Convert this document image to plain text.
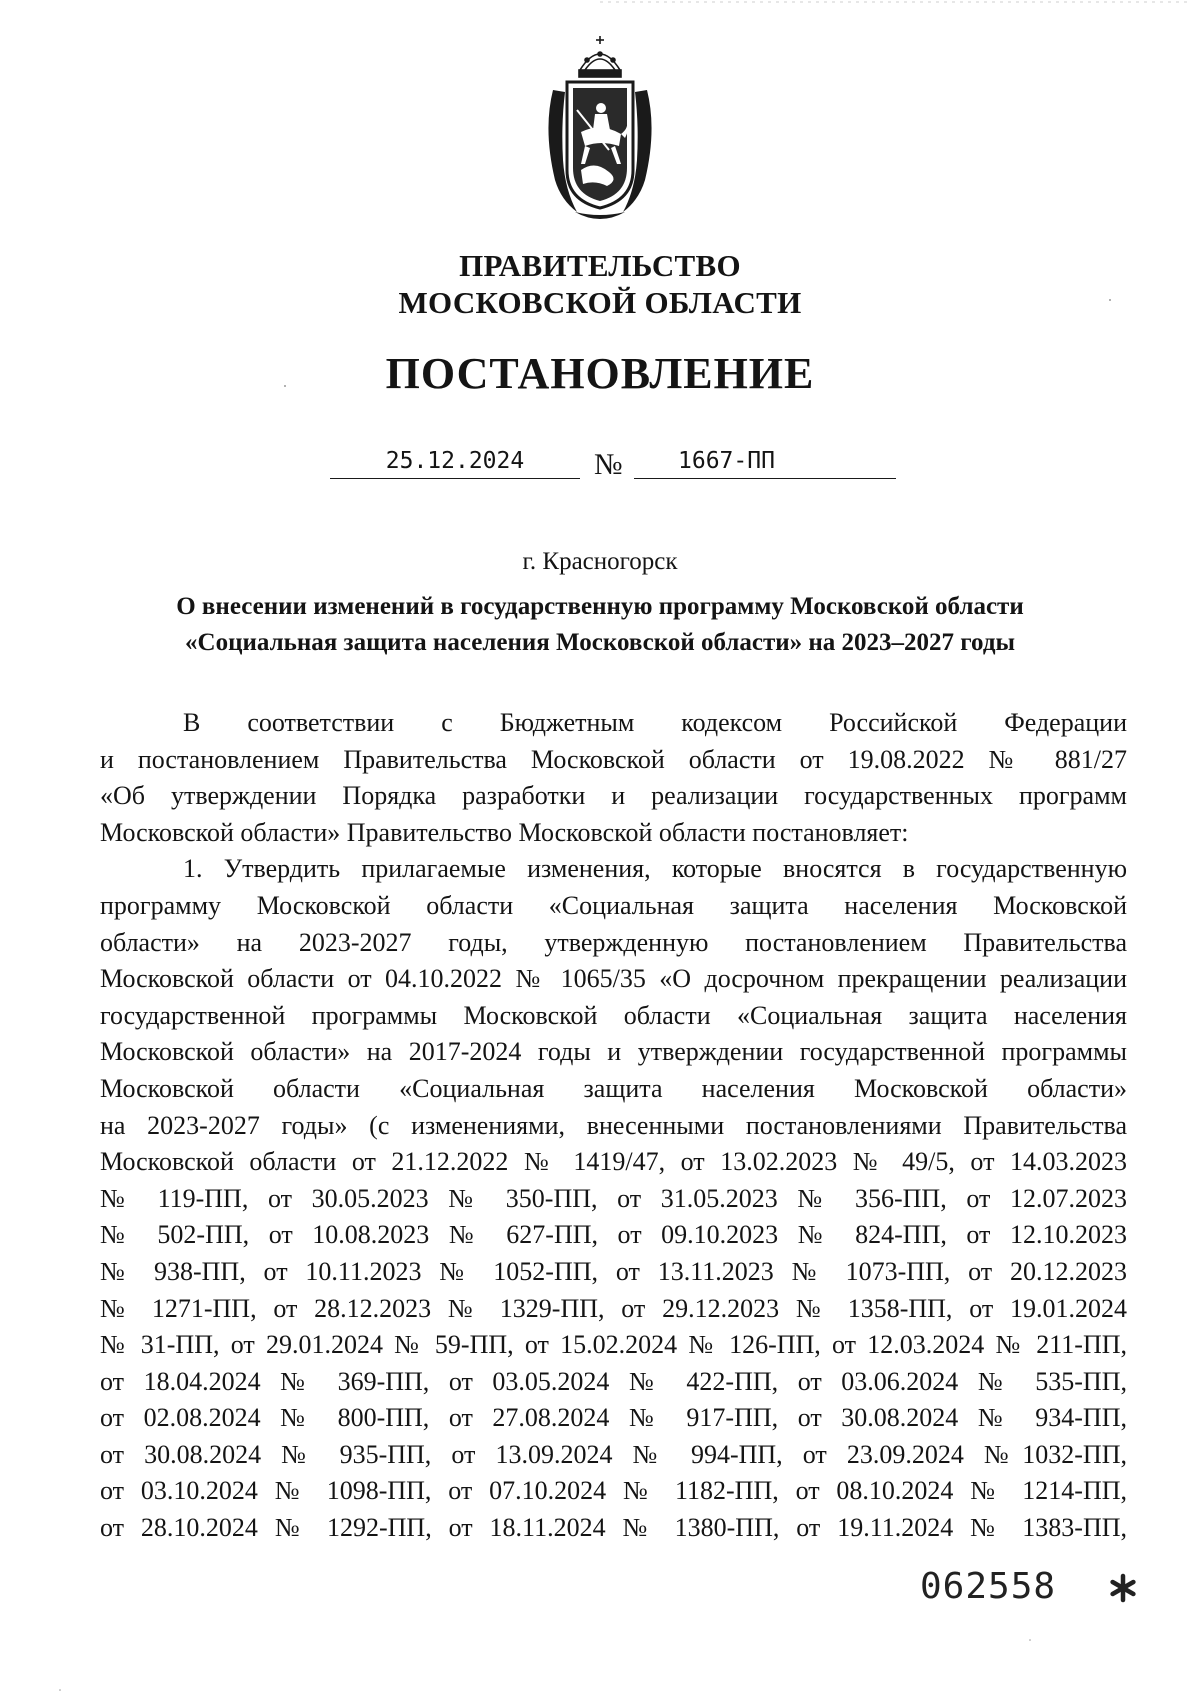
ПРАВИТЕЛЬСТВО
МОСКОВСКОЙ ОБЛАСТИ
ПОСТАНОВЛЕНИЕ
25.12.2024	№	1667-ПП
г. Красногорск
О внесении изменений в государственную программу Московской области
«Социальная защита населения Московской области» на 2023–2027 годы
В соответствии с Бюджетным кодексом Российской Федерации
и постановлением Правительства Московской области от 19.08.2022 № 881/27
«Об утверждении Порядка разработки и реализации государственных программ
Московской области» Правительство Московской области постановляет:
1. Утвердить прилагаемые изменения, которые вносятся в государственную
программу Московской области «Социальная защита населения Московской
области» на 2023-2027 годы, утвержденную постановлением Правительства
Московской области от 04.10.2022 № 1065/35 «О досрочном прекращении реализации
государственной программы Московской области «Социальная защита населения
Московской области» на 2017-2024 годы и утверждении государственной программы
Московской области «Социальная защита населения Московской области»
на 2023-2027 годы» (с изменениями, внесенными постановлениями Правительства
Московской области от 21.12.2022 № 1419/47, от 13.02.2023 № 49/5, от 14.03.2023
№ 119-ПП, от 30.05.2023 № 350-ПП, от 31.05.2023 № 356-ПП, от 12.07.2023
№ 502-ПП, от 10.08.2023 № 627-ПП, от 09.10.2023 № 824-ПП, от 12.10.2023
№ 938-ПП, от 10.11.2023 № 1052-ПП, от 13.11.2023 № 1073-ПП, от 20.12.2023
№ 1271-ПП, от 28.12.2023 № 1329-ПП, от 29.12.2023 № 1358-ПП, от 19.01.2024
№ 31-ПП, от 29.01.2024 № 59-ПП, от 15.02.2024 № 126-ПП, от 12.03.2024 № 211-ПП,
от 18.04.2024 № 369-ПП, от 03.05.2024 № 422-ПП, от 03.06.2024 № 535-ПП,
от 02.08.2024 № 800-ПП, от 27.08.2024 № 917-ПП, от 30.08.2024 № 934-ПП,
от 30.08.2024 № 935-ПП, от 13.09.2024 № 994-ПП, от 23.09.2024 №1032-ПП,
от 03.10.2024 № 1098-ПП, от 07.10.2024 № 1182-ПП, от 08.10.2024 № 1214-ПП,
от 28.10.2024 № 1292-ПП, от 18.11.2024 № 1380-ПП, от 19.11.2024 № 1383-ПП,
062558
